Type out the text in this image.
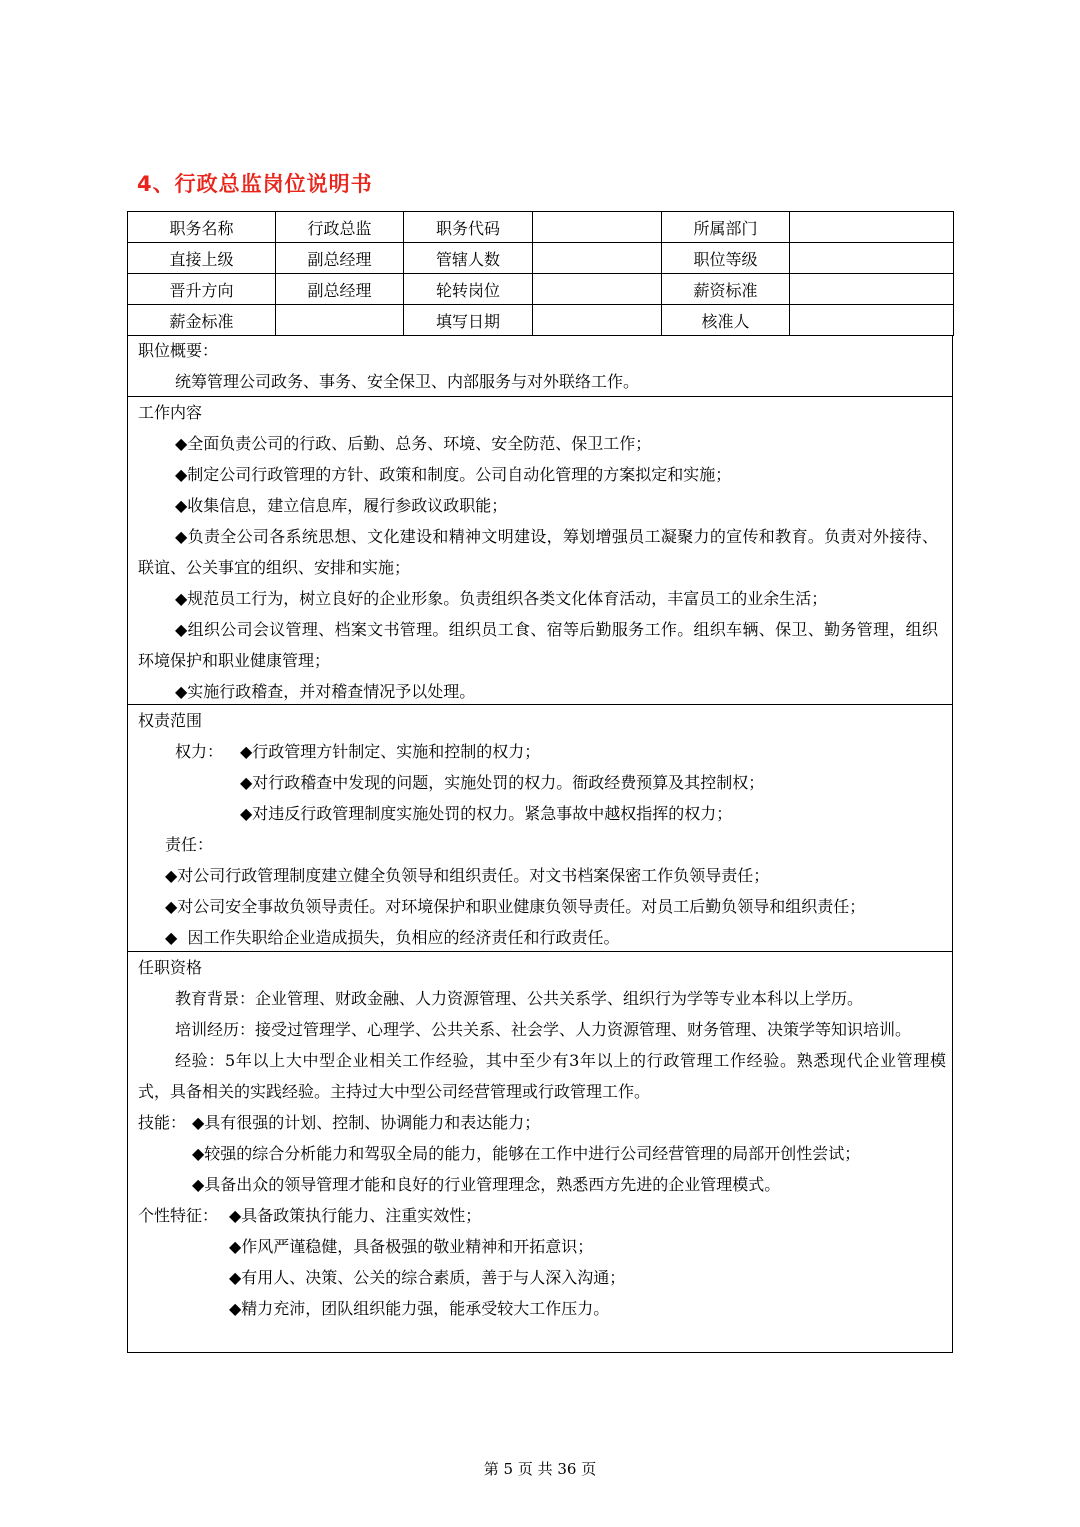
4、行政总监岗位说明书
职务名称	行政总监	职务代码		所属部门	
直接上级	副总经理	管辖人数		职位等级	
晋升方向	副总经理	轮转岗位		薪资标准	
薪金标准		填写日期		核准人	
职位概要：
统筹管理公司政务、事务、安全保卫、内部服务与对外联络工作。
工作内容
◆全面负责公司的行政、后勤、总务、环境、安全防范、保卫工作；
◆制定公司行政管理的方针、政策和制度。公司自动化管理的方案拟定和实施；
◆收集信息，建立信息库，履行参政议政职能；
◆负责全公司各系统思想、文化建设和精神文明建设，筹划增强员工凝聚力的宣传和教育。负责对外接待、联谊、公关事宜的组织、安排和实施；
◆规范员工行为，树立良好的企业形象。负责组织各类文化体育活动，丰富员工的业余生活；
◆组织公司会议管理、档案文书管理。组织员工食、宿等后勤服务工作。组织车辆、保卫、勤务管理，组织环境保护和职业健康管理；
◆实施行政稽查，并对稽查情况予以处理。
权责范围
权力： ◆行政管理方针制定、实施和控制的权力；
◆对行政稽查中发现的问题，实施处罚的权力。衙政经费预算及其控制权；
◆对违反行政管理制度实施处罚的权力。紧急事故中越权指挥的权力；
责任：
◆对公司行政管理制度建立健全负领导和组织责任。对文书档案保密工作负领导责任；
◆对公司安全事故负领导责任。对环境保护和职业健康负领导责任。对员工后勤负领导和组织责任；
◆  因工作失职给企业造成损失，负相应的经济责任和行政责任。
任职资格
教育背景：企业管理、财政金融、人力资源管理、公共关系学、组织行为学等专业本科以上学历。
培训经历：接受过管理学、心理学、公共关系、社会学、人力资源管理、财务管理、决策学等知识培训。
经验：5年以上大中型企业相关工作经验，其中至少有3年以上的行政管理工作经验。熟悉现代企业管理模式，具备相关的实践经验。主持过大中型公司经营管理或行政管理工作。
技能： ◆具有很强的计划、控制、协调能力和表达能力；
◆较强的综合分析能力和驾驭全局的能力，能够在工作中进行公司经营管理的局部开创性尝试；
◆具备出众的领导管理才能和良好的行业管理理念，熟悉西方先进的企业管理模式。
个性特征： ◆具备政策执行能力、注重实效性；
◆作风严谨稳健，具备极强的敬业精神和开拓意识；
◆有用人、决策、公关的综合素质，善于与人深入沟通；
◆精力充沛，团队组织能力强，能承受较大工作压力。
第 5 页 共 36 页
